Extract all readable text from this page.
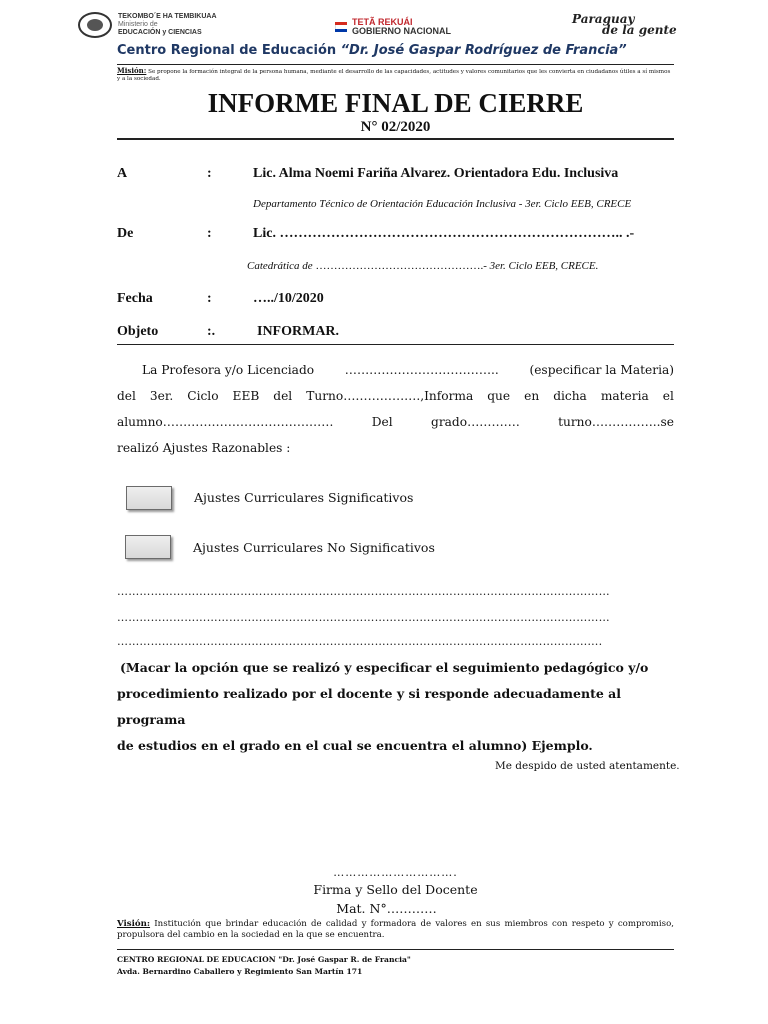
TEKOMBO´E HA TEMBIKUAA
Ministerio de
EDUCACIÓN y CIENCIAS
TETÃ REKUÁI
GOBIERNO NACIONAL
Paraguay
de la gente
Centro Regional de Educación “Dr. José Gaspar Rodríguez de Francia”
Misión: Se propone la formación integral de la persona humana, mediante el desarrollo de las capacidades, actitudes y valores comunitarios que les convierta en ciudadanos útiles a sí mismos y a la sociedad.
INFORME FINAL DE CIERRE
N° 02/2020
A	:	Lic. Alma Noemi Fariña Alvarez. Orientadora Edu. Inclusiva
Departamento Técnico de Orientación Educación Inclusiva - 3er. Ciclo EEB, CRECE
De	:	Lic. ……………………………………………………………….. .-
Catedrática de ……………………………………….- 3er. Ciclo EEB, CRECE.
Fecha	:	…../10/2020
Objeto	:.	INFORMAR.
La Profesora y/o Licenciado	………………………………..	(especificar la Materia)
del 3er. Ciclo EEB del Turno……………….,Informa que en dicha materia el
alumno……………………………………	Del	grado………….	turno……………..se
realizó Ajustes Razonables :
Ajustes Curriculares Significativos
Ajustes Curriculares No Significativos
……………………………………………………………………………………………………………………
……………………………………………………………………………………………………………………
………………………………………………………………………………………………………………….
(Macar la opción que se realizó y especificar el seguimiento pedagógico y/o
procedimiento realizado por el docente y si responde adecuadamente al programa
de estudios en el grado en el cual se encuentra el alumno) Ejemplo.
Me despido de usted atentamente.
………………………….
Firma y Sello del Docente
Mat. N°…………
Visión: Institución que brindar educación de calidad y formadora de valores en sus miembros con respeto y compromiso, propulsora del cambio en la sociedad en la que se encuentra.
CENTRO REGIONAL DE EDUCACION "Dr. José Gaspar R. de Francia"
Avda. Bernardino Caballero y Regimiento San Martín 171
